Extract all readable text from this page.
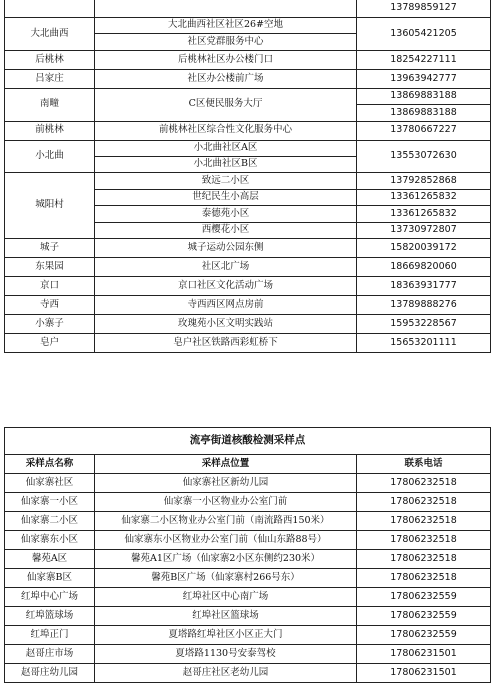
		13789859127
大北曲西	大北曲西社区社区26#空地	13605421205
	社区党群服务中心	
后桃林	后桃林社区办公楼门口	18254227111
吕家庄	社区办公楼前广场	13963942777
南疃	C区便民服务大厅	13869883188
		13869883188
前桃林	前桃林社区综合性文化服务中心	13780667227
小北曲	小北曲社区A区	13553072630
	小北曲社区B区	
城阳村	致远二小区	13792852868
	世纪民生小高层	13361265832
	泰德苑小区	13361265832
	西樱花小区	13730972807
城子	城子运动公园东侧	15820039172
东果园	社区北广场	18669820060
京口	京口社区文化活动广场	18363931777
寺西	寺西西区网点房前	13789888276
小寨子	玫瑰苑小区文明实践站	15953228567
皂户	皂户社区铁路西彩虹桥下	15653201111
流亭街道核酸检测采样点		
采样点名称	采样点位置	联系电话
仙家寨社区	仙家寨社区新幼儿园	17806232518
仙家寨一小区	仙家寨一小区物业办公室门前	17806232518
仙家寨二小区	仙家寨二小区物业办公室门前（南流路西150米）	17806232518
仙家寨东小区	仙家寨东小区物业办公室门前（仙山东路88号）	17806232518
馨苑A区	馨苑A1区广场（仙家寨2小区东侧约230米）	17806232518
仙家寨B区	馨苑B区广场（仙家寨村266号东）	17806232518
红埠中心广场	红埠社区中心南广场	17806232559
红埠篮球场	红埠社区篮球场	17806232559
红埠正门	夏塔路红埠社区小区正大门	17806232559
赵哥庄市场	夏塔路1130号安泰驾校	17806231501
赵哥庄幼儿园	赵哥庄社区老幼儿园	17806231501
